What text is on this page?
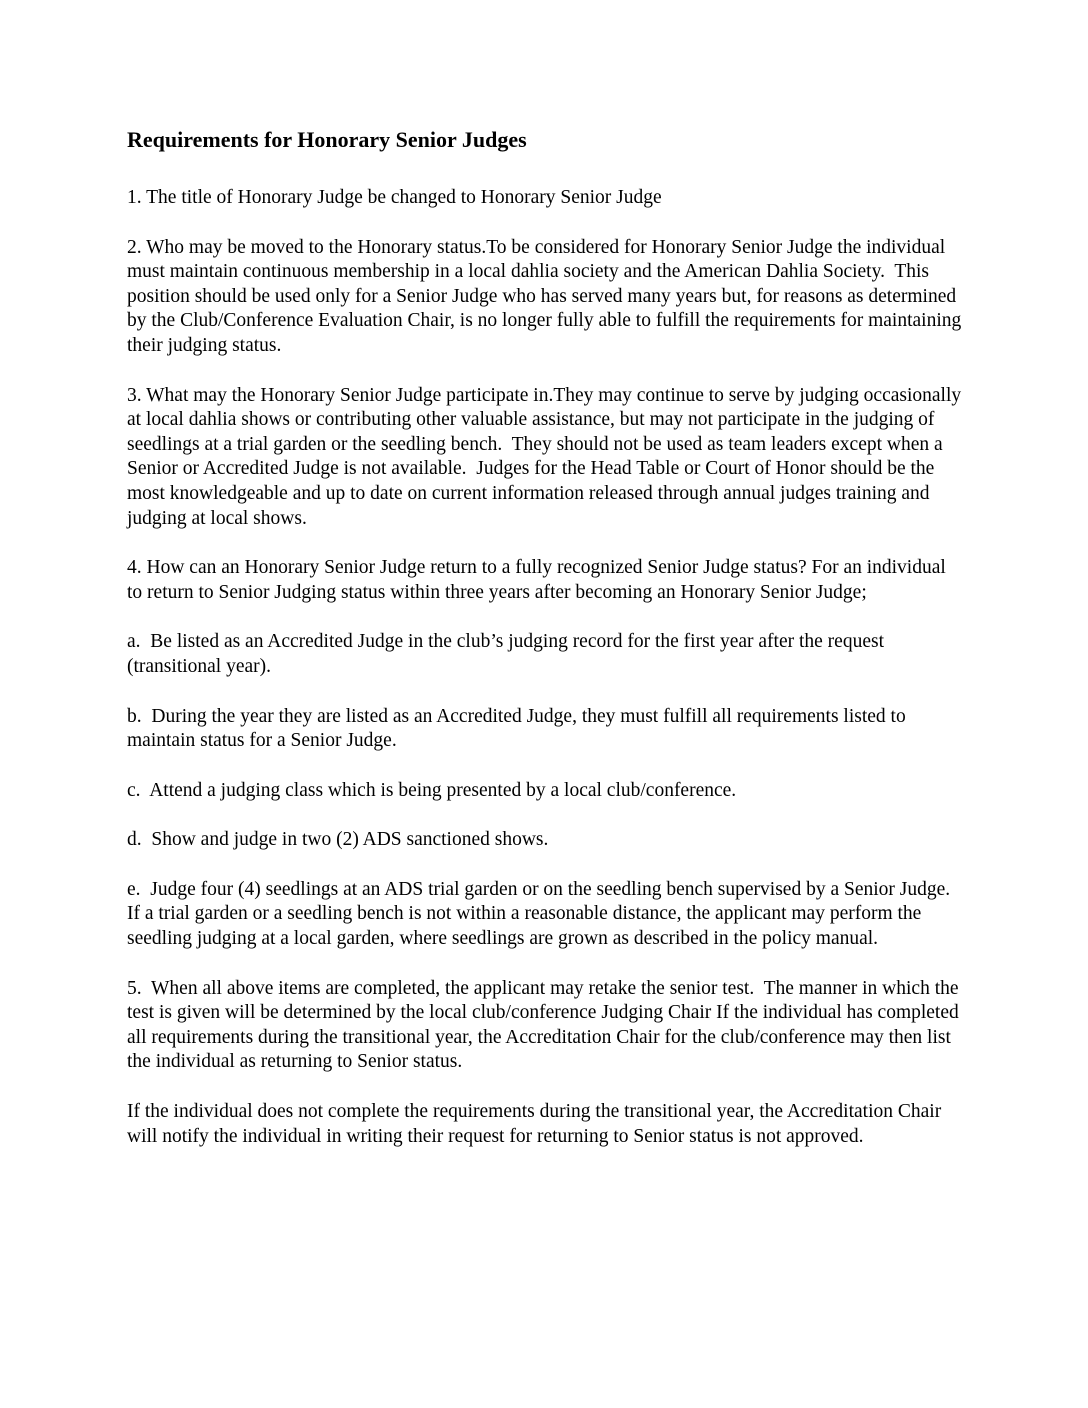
Requirements for Honorary Senior Judges

1. The title of Honorary Judge be changed to Honorary Senior Judge

2. Who may be moved to the Honorary status.To be considered for Honorary Senior Judge the individual must maintain continuous membership in a local dahlia society and the American Dahlia Society.  This position should be used only for a Senior Judge who has served many years but, for reasons as determined by the Club/Conference Evaluation Chair, is no longer fully able to fulfill the requirements for maintaining their judging status.

3. What may the Honorary Senior Judge participate in.They may continue to serve by judging occasionally at local dahlia shows or contributing other valuable assistance, but may not participate in the judging of seedlings at a trial garden or the seedling bench.  They should not be used as team leaders except when a Senior or Accredited Judge is not available.  Judges for the Head Table or Court of Honor should be the most knowledgeable and up to date on current information released through annual judges training and judging at local shows.

4. How can an Honorary Senior Judge return to a fully recognized Senior Judge status? For an individual to return to Senior Judging status within three years after becoming an Honorary Senior Judge;

a.  Be listed as an Accredited Judge in the club’s judging record for the first year after the request (transitional year).

b.  During the year they are listed as an Accredited Judge, they must fulfill all requirements listed to maintain status for a Senior Judge.

c.  Attend a judging class which is being presented by a local club/conference.

d.  Show and judge in two (2) ADS sanctioned shows.

e.  Judge four (4) seedlings at an ADS trial garden or on the seedling bench supervised by a Senior Judge. If a trial garden or a seedling bench is not within a reasonable distance, the applicant may perform the seedling judging at a local garden, where seedlings are grown as described in the policy manual.

5.  When all above items are completed, the applicant may retake the senior test.  The manner in which the test is given will be determined by the local club/conference Judging Chair If the individual has completed all requirements during the transitional year, the Accreditation Chair for the club/conference may then list the individual as returning to Senior status.

If the individual does not complete the requirements during the transitional year, the Accreditation Chair will notify the individual in writing their request for returning to Senior status is not approved.
